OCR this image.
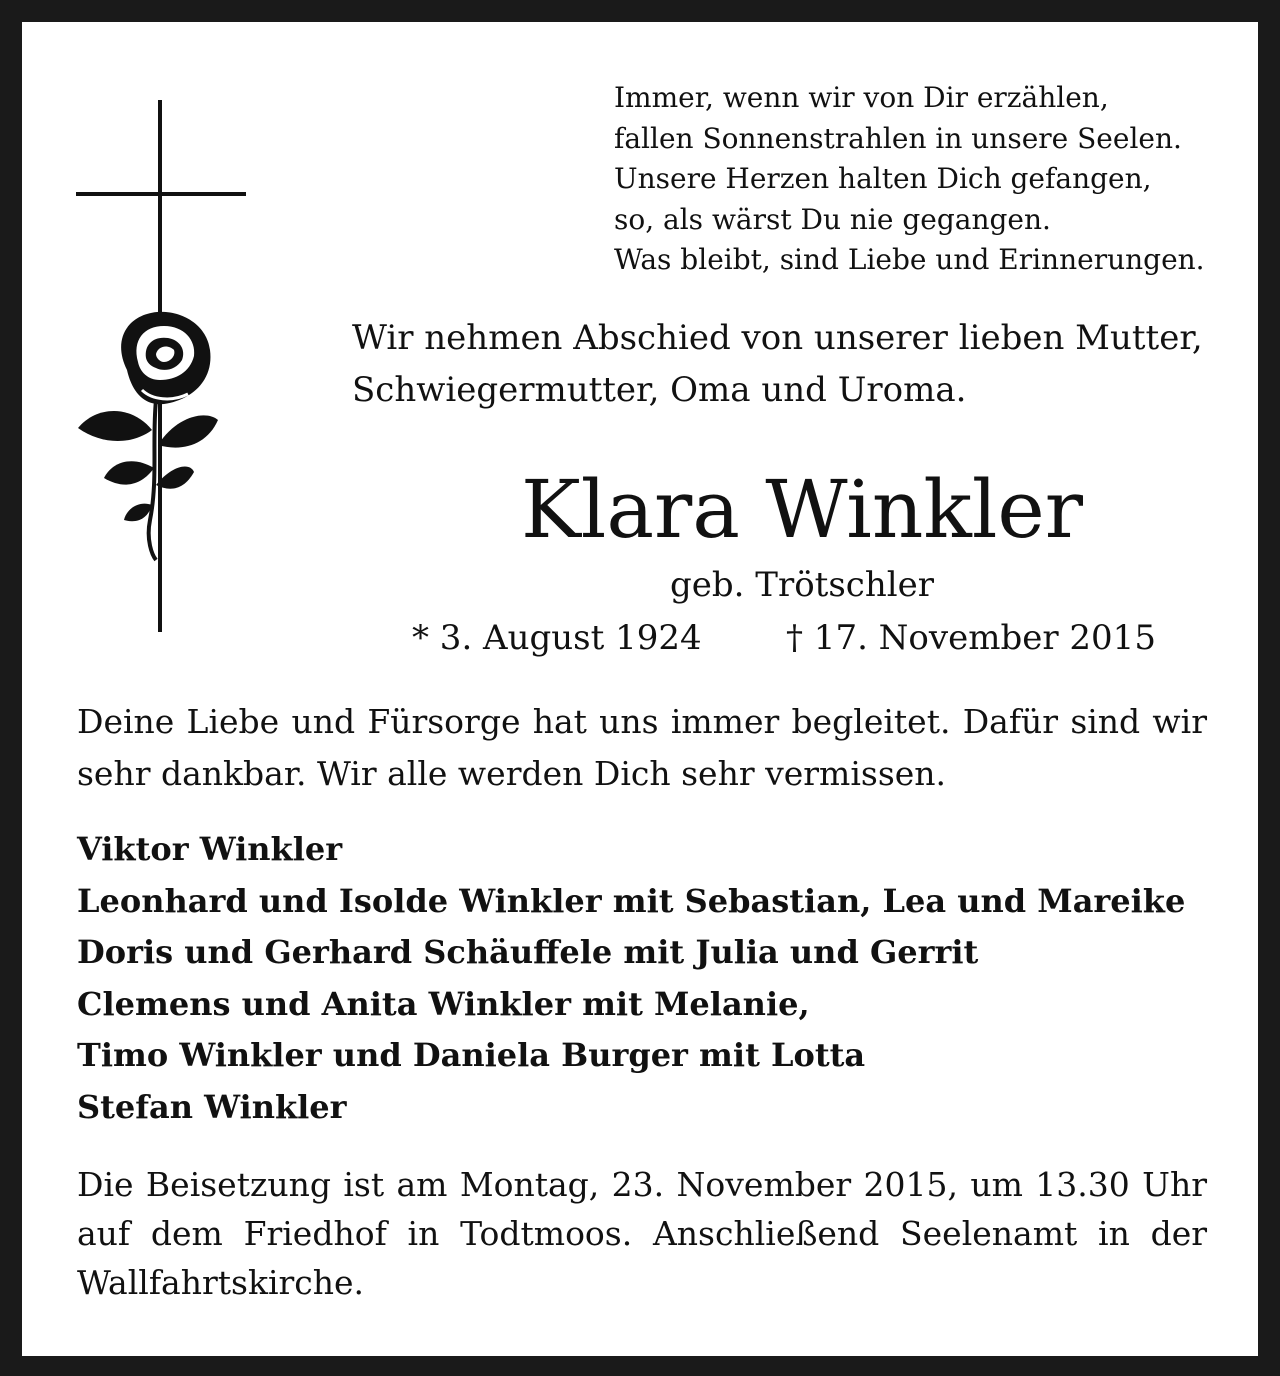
Immer, wenn wir von Dir erzählen,
fallen Sonnenstrahlen in unsere Seelen.
Unsere Herzen halten Dich gefangen,
so, als wärst Du nie gegangen.
Was bleibt, sind Liebe und Erinnerungen.

Wir nehmen Abschied von unserer lieben Mutter, Schwiegermutter, Oma und Uroma.

Klara Winkler
geb. Trötschler
* 3. August 1924 † 17. November 2015

Deine Liebe und Fürsorge hat uns immer begleitet. Dafür sind wir sehr dankbar. Wir alle werden Dich sehr vermissen.

Viktor Winkler
Leonhard und Isolde Winkler mit Sebastian, Lea und Mareike
Doris und Gerhard Schäuffele mit Julia und Gerrit
Clemens und Anita Winkler mit Melanie,
Timo Winkler und Daniela Burger mit Lotta
Stefan Winkler

Die Beisetzung ist am Montag, 23. November 2015, um 13.30 Uhr auf dem Friedhof in Todtmoos. Anschließend Seelenamt in der Wallfahrtskirche.
